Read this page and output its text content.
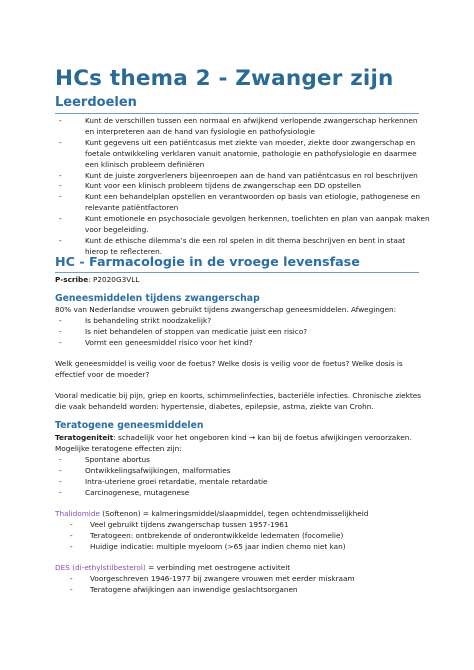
HCs thema 2 - Zwanger zijn
Leerdoelen
- Kunt de verschillen tussen een normaal en afwijkend verlopende zwangerschap herkennen
en interpreteren aan de hand van fysiologie en pathofysiologie
- Kunt gegevens uit een patiëntcasus met ziekte van moeder, ziekte door zwangerschap en
foetale ontwikkeling verklaren vanuit anatomie, pathologie en pathofysiologie en daarmee
een klinisch probleem definiëren
- Kunt de juiste zorgverleners bijeenroepen aan de hand van patiëntcasus en rol beschrijven
- Kunt voor een klinisch probleem tijdens de zwangerschap een DD opstellen
- Kunt een behandelplan opstellen en verantwoorden op basis van etiologie, pathogenese en
relevante patiëntfactoren
- Kunt emotionele en psychosociale gevolgen herkennen, toelichten en plan van aanpak maken
voor begeleiding.
- Kunt de ethische dilemma’s die een rol spelen in dit thema beschrijven en bent in staat
hierop te reflecteren.
HC - Farmacologie in de vroege levensfase

P-scribe: P2020G3VLL

Geneesmiddelen tijdens zwangerschap

80% van Nederlandse vrouwen gebruikt tijdens zwangerschap geneesmiddelen. Afwegingen:

- Is behandeling strikt noodzakelijk?
- Is niet behandelen of stoppen van medicatie juist een risico?
- Vormt een geneesmiddel risico voor het kind?

Welk geneesmiddel is veilig voor de foetus? Welke dosis is veilig voor de foetus? Welke dosis is
effectief voor de moeder?

Vooral medicatie bij pijn, griep en koorts, schimmelinfecties, bacteriële infecties. Chronische ziektes
die vaak behandeld worden: hypertensie, diabetes, epilepsie, astma, ziekte van Crohn.

Teratogene geneesmiddelen

Teratogeniteit: schadelijk voor het ongeboren kind → kan bij de foetus afwijkingen veroorzaken.

Mogelijke teratogene effecten zijn:

- Spontane abortus
- Ontwikkelingsafwijkingen, malformaties
- Intra-uteriene groei retardatie, mentale retardatie
- Carcinogenese, mutagenese

Thalidomide (Softenon) = kalmeringsmiddel/slaapmiddel, tegen ochtendmisselijkheid

- Veel gebruikt tijdens zwangerschap tussen 1957-1961
- Teratogeen: ontbrekende of onderontwikkelde ledematen (focomelie)
- Huidige indicatie: multiple myeloom (>65 jaar indien chemo niet kan)

DES (di-ethylstilbesterol) = verbinding met oestrogene activiteit

- Voorgeschreven 1946-1977 bij zwangere vrouwen met eerder miskraam
- Teratogene afwijkingen aan inwendige geslachtsorganen
